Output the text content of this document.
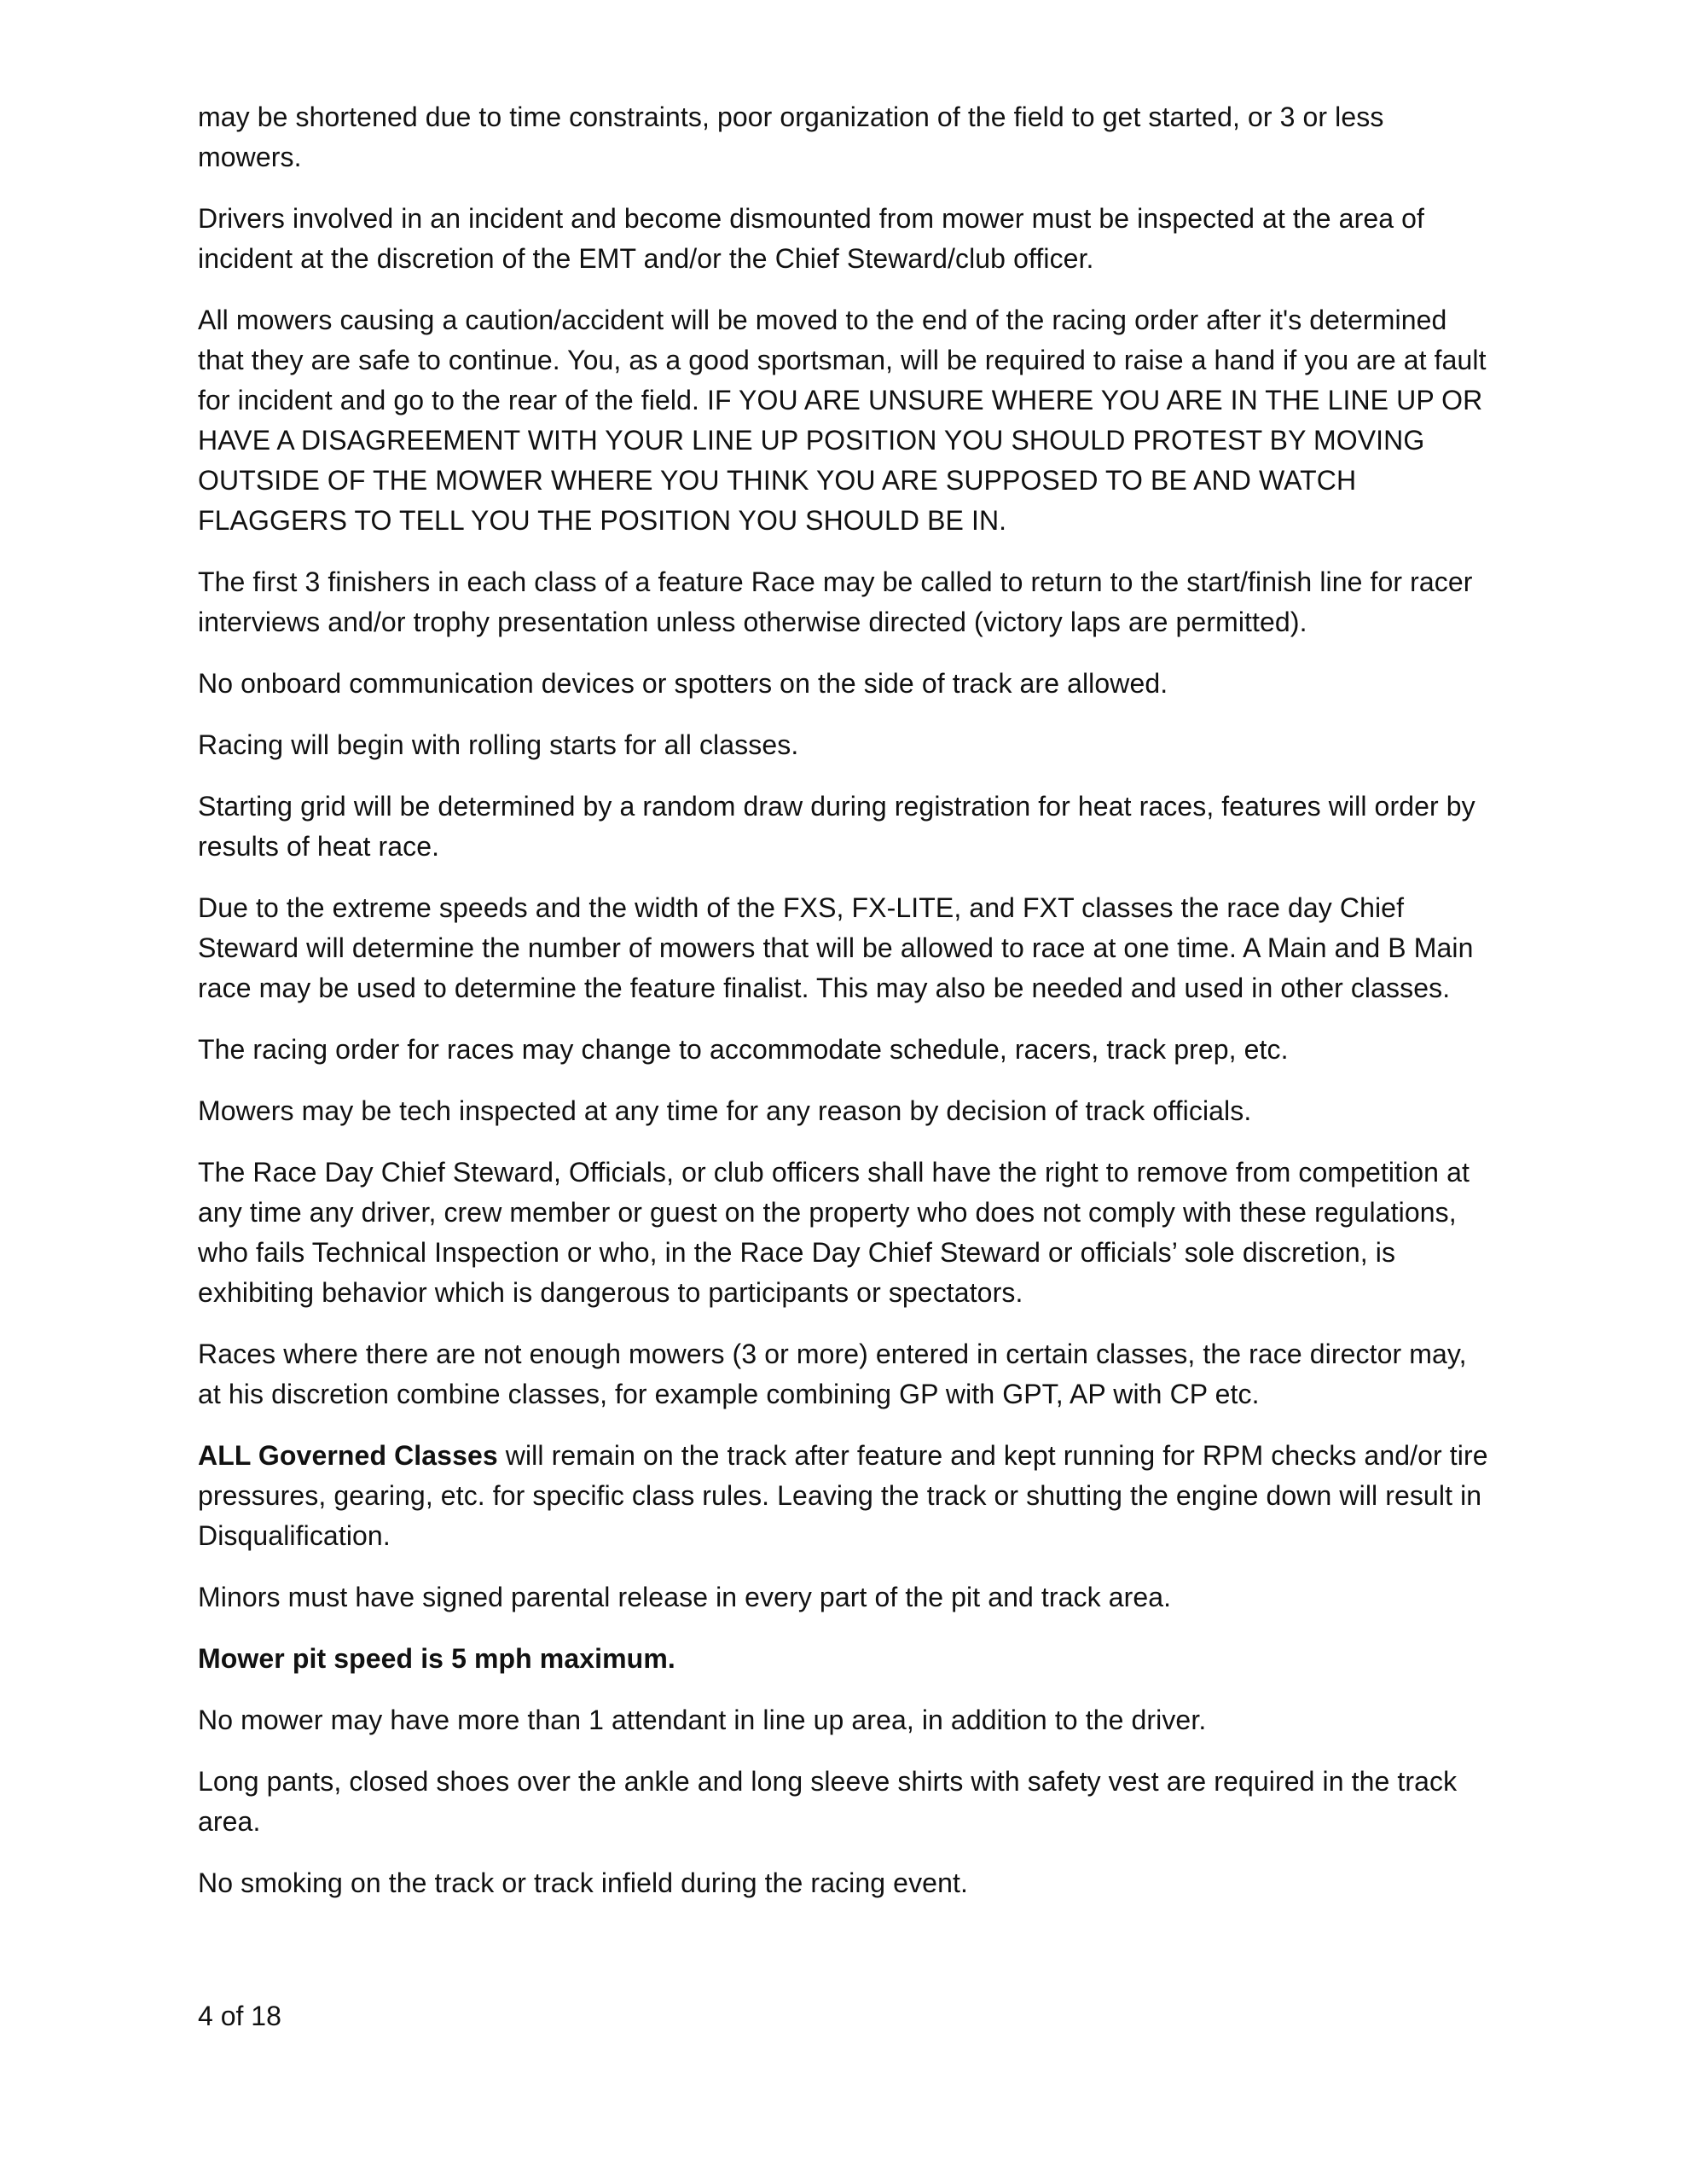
may be shortened due to time constraints, poor organization of the field to get started, or 3 or less mowers.

Drivers involved in an incident and become dismounted from mower must be inspected at the area of incident at the discretion of the EMT and/or the Chief Steward/club officer.

All mowers causing a caution/accident will be moved to the end of the racing order after it's determined that they are safe to continue. You, as a good sportsman, will be required to raise a hand if you are at fault for incident and go to the rear of the field. IF YOU ARE UNSURE WHERE YOU ARE IN THE LINE UP OR HAVE A DISAGREEMENT WITH YOUR LINE UP POSITION YOU SHOULD PROTEST BY MOVING OUTSIDE OF THE MOWER WHERE YOU THINK YOU ARE SUPPOSED TO BE AND WATCH FLAGGERS TO TELL YOU THE POSITION YOU SHOULD BE IN.

The first 3 finishers in each class of a feature Race may be called to return to the start/finish line for racer interviews and/or trophy presentation unless otherwise directed (victory laps are permitted).

No onboard communication devices or spotters on the side of track are allowed.

Racing will begin with rolling starts for all classes.

Starting grid will be determined by a random draw during registration for heat races, features will order by results of heat race.

Due to the extreme speeds and the width of the FXS, FX-LITE, and FXT classes the race day Chief Steward will determine the number of mowers that will be allowed to race at one time. A Main and B Main race may be used to determine the feature finalist. This may also be needed and used in other classes.

The racing order for races may change to accommodate schedule, racers, track prep, etc.

Mowers may be tech inspected at any time for any reason by decision of track officials.

The Race Day Chief Steward, Officials, or club officers shall have the right to remove from competition at any time any driver, crew member or guest on the property who does not comply with these regulations, who fails Technical Inspection or who, in the Race Day Chief Steward or officials’ sole discretion, is exhibiting behavior which is dangerous to participants or spectators.

Races where there are not enough mowers (3 or more) entered in certain classes, the race director may, at his discretion combine classes, for example combining GP with GPT, AP with CP etc.

ALL Governed Classes will remain on the track after feature and kept running for RPM checks and/or tire pressures, gearing, etc. for specific class rules. Leaving the track or shutting the engine down will result in Disqualification.

Minors must have signed parental release in every part of the pit and track area.

Mower pit speed is 5 mph maximum.

No mower may have more than 1 attendant in line up area, in addition to the driver.

Long pants, closed shoes over the ankle and long sleeve shirts with safety vest are required in the track area.

No smoking on the track or track infield during the racing event.

4 of 18
